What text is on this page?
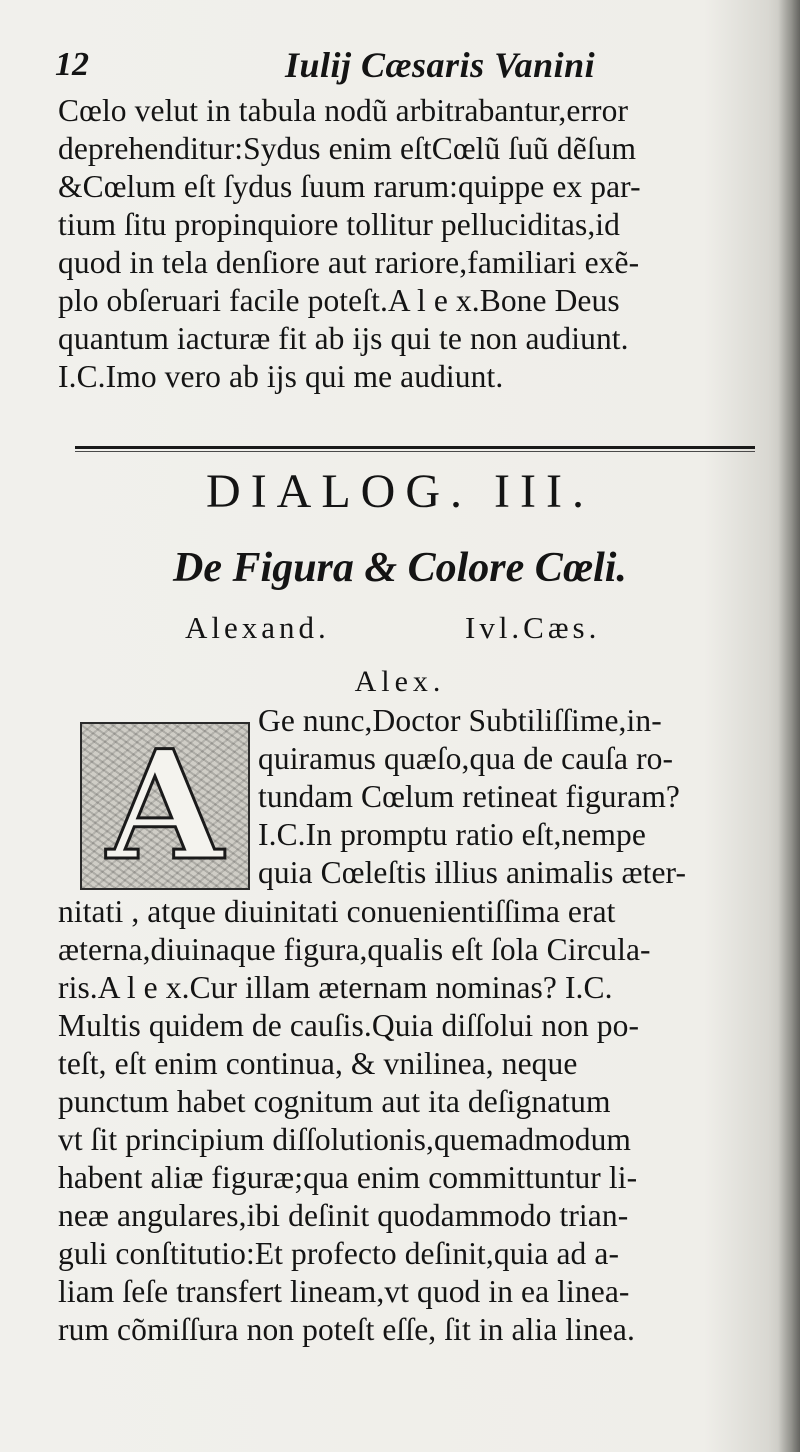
12	Iulij Cæsaris Vanini
Cœlo velut in tabula nodũ arbitrabantur,error
deprehenditur:Sydus enim eſtCœlũ ſuũ dẽſum
&Cœlum eſt ſydus ſuum rarum:quippe ex par-
tium ſitu propinquiore tollitur pelluciditas,id
quod in tela denſiore aut rariore,familiari exẽ-
plo obſeruari facile poteſt.A l e x.Bone Deus
quantum iacturæ fit ab ijs qui te non audiunt.
I.C.Imo vero ab ijs qui me audiunt.
DIALOG. III.
De Figura & Colore Cœli.
Alexand.	Ivl.Cæs.
Alex.
A	Ge nunc,Doctor Subtiliſſime,in-
quiramus quæſo,qua de cauſa ro-
tundam Cœlum retineat figuram?
I.C.In promptu ratio eſt,nempe
quia Cœleſtis illius animalis æter-
nitati , atque diuinitati conuenientiſſima erat
æterna,diuinaque figura,qualis eſt ſola Circula-
ris.A l e x.Cur illam æternam nominas? I.C.
Multis quidem de cauſis.Quia diſſolui non po-
teſt, eſt enim continua, & vnilinea, neque
punctum habet cognitum aut ita deſignatum
vt ſit principium diſſolutionis,quemadmodum
habent aliæ figuræ;qua enim committuntur li-
neæ angulares,ibi deſinit quodammodo trian-
guli conſtitutio:Et profecto deſinit,quia ad a-
liam ſeſe transfert lineam,vt quod in ea linea-
rum cõmiſſura non poteſt eſſe, ſit in alia linea.
